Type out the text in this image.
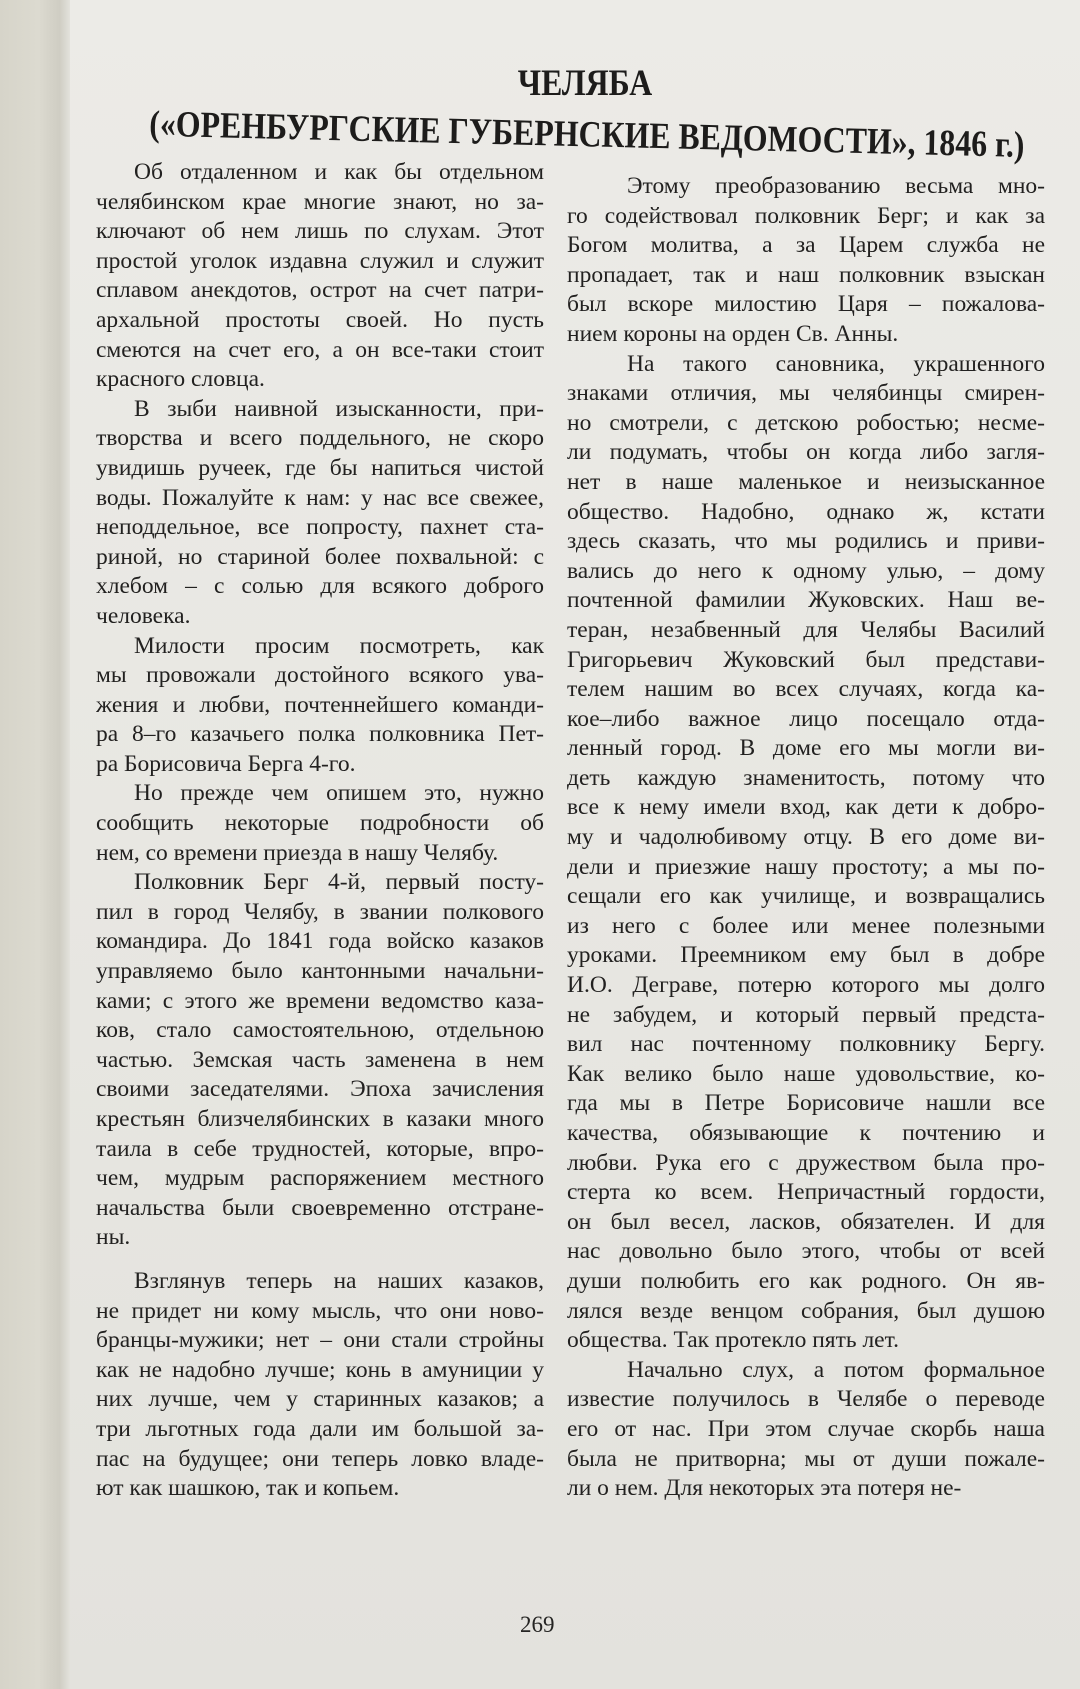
ЧЕЛЯБА
(«ОРЕНБУРГСКИЕ ГУБЕРНСКИЕ ВЕДОМОСТИ», 1846 г.)
Об отдаленном и как бы отдельном
челябинском крае многие знают, но за-
ключают об нем лишь по слухам. Этот
простой уголок издавна служил и служит
сплавом анекдотов, острот на счет патри-
архальной простоты своей. Но пусть
смеются на счет его, а он все-таки стоит
красного словца.
В зыби наивной изысканности, при-
творства и всего поддельного, не скоро
увидишь ручеек, где бы напиться чистой
воды. Пожалуйте к нам: у нас все свежее,
неподдельное, все попросту, пахнет ста-
риной, но стариной более похвальной: с
хлебом – с солью для всякого доброго
человека.
Милости просим посмотреть, как
мы провожали достойного всякого ува-
жения и любви, почтеннейшего команди-
ра 8–го казачьего полка полковника Пет-
ра Борисовича Берга 4-го.
Но прежде чем опишем это, нужно
сообщить некоторые подробности об
нем, со времени приезда в нашу Челябу.
Полковник Берг 4-й, первый посту-
пил в город Челябу, в звании полкового
командира. До 1841 года войско казаков
управляемо было кантонными начальни-
ками; с этого же времени ведомство каза-
ков, стало самостоятельною, отдельною
частью. Земская часть заменена в нем
своими заседателями. Эпоха зачисления
крестьян близчелябинских в казаки много
таила в себе трудностей, которые, впро-
чем, мудрым распоряжением местного
начальства были своевременно отстране-
ны.
Взглянув теперь на наших казаков,
не придет ни кому мысль, что они ново-
бранцы-мужики; нет – они стали стройны
как не надобно лучше; конь в амуниции у
них лучше, чем у старинных казаков; а
три льготных года дали им большой за-
пас на будущее; они теперь ловко владе-
ют как шашкою, так и копьем.
Этому преобразованию весьма мно-
го содействовал полковник Берг; и как за
Богом молитва, а за Царем служба не
пропадает, так и наш полковник взыскан
был вскоре милостию Царя – пожалова-
нием короны на орден Св. Анны.
На такого сановника, украшенного
знаками отличия, мы челябинцы смирен-
но смотрели, с детскою робостью; несме-
ли подумать, чтобы он когда либо загля-
нет в наше маленькое и неизысканное
общество. Надобно, однако ж, кстати
здесь сказать, что мы родились и приви-
вались до него к одному улью, – дому
почтенной фамилии Жуковских. Наш ве-
теран, незабвенный для Челябы Василий
Григорьевич Жуковский был представи-
телем нашим во всех случаях, когда ка-
кое–либо важное лицо посещало отда-
ленный город. В доме его мы могли ви-
деть каждую знаменитость, потому что
все к нему имели вход, как дети к добро-
му и чадолюбивому отцу. В его доме ви-
дели и приезжие нашу простоту; а мы по-
сещали его как училище, и возвращались
из него с более или менее полезными
уроками. Преемником ему был в добре
И.О. Деграве, потерю которого мы долго
не забудем, и который первый предста-
вил нас почтенному полковнику Бергу.
Как велико было наше удовольствие, ко-
гда мы в Петре Борисовиче нашли все
качества, обязывающие к почтению и
любви. Рука его с дружеством была про-
стерта ко всем. Непричастный гордости,
он был весел, ласков, обязателен. И для
нас довольно было этого, чтобы от всей
души полюбить его как родного. Он яв-
лялся везде венцом собрания, был душою
общества. Так протекло пять лет.
Начально слух, а потом формальное
известие получилось в Челябе о переводе
его от нас. При этом случае скорбь наша
была не притворна; мы от души пожале-
ли о нем. Для некоторых эта потеря не-
269
